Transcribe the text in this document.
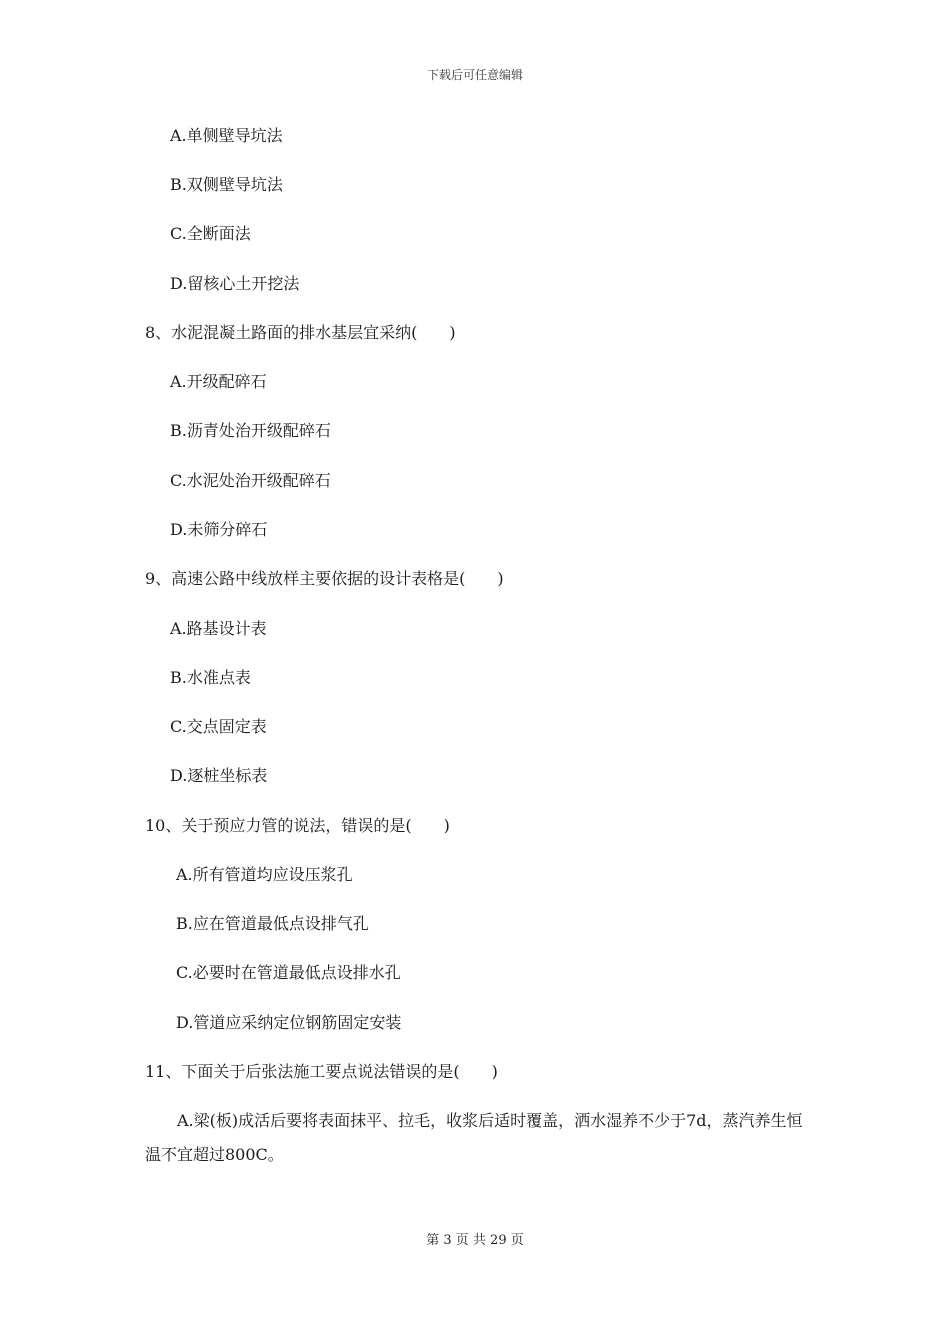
下载后可任意编辑
A.单侧壁导坑法
B.双侧壁导坑法
C.全断面法
D.留核心土开挖法
8、水泥混凝土路面的排水基层宜采纳(　　)
A.开级配碎石
B.沥青处治开级配碎石
C.水泥处治开级配碎石
D.未筛分碎石
9、高速公路中线放样主要依据的设计表格是(　　)
A.路基设计表
B.水准点表
C.交点固定表
D.逐桩坐标表
10、关于预应力管的说法，错误的是(　　)
A.所有管道均应设压浆孔
B.应在管道最低点设排气孔
C.必要时在管道最低点设排水孔
D.管道应采纳定位钢筋固定安装
11、下面关于后张法施工要点说法错误的是(　　)
A.梁(板)成活后要将表面抹平、拉毛，收浆后适时覆盖，洒水湿养不少于7d，蒸汽养生恒温不宜超过800C。
第 3 页 共 29 页
